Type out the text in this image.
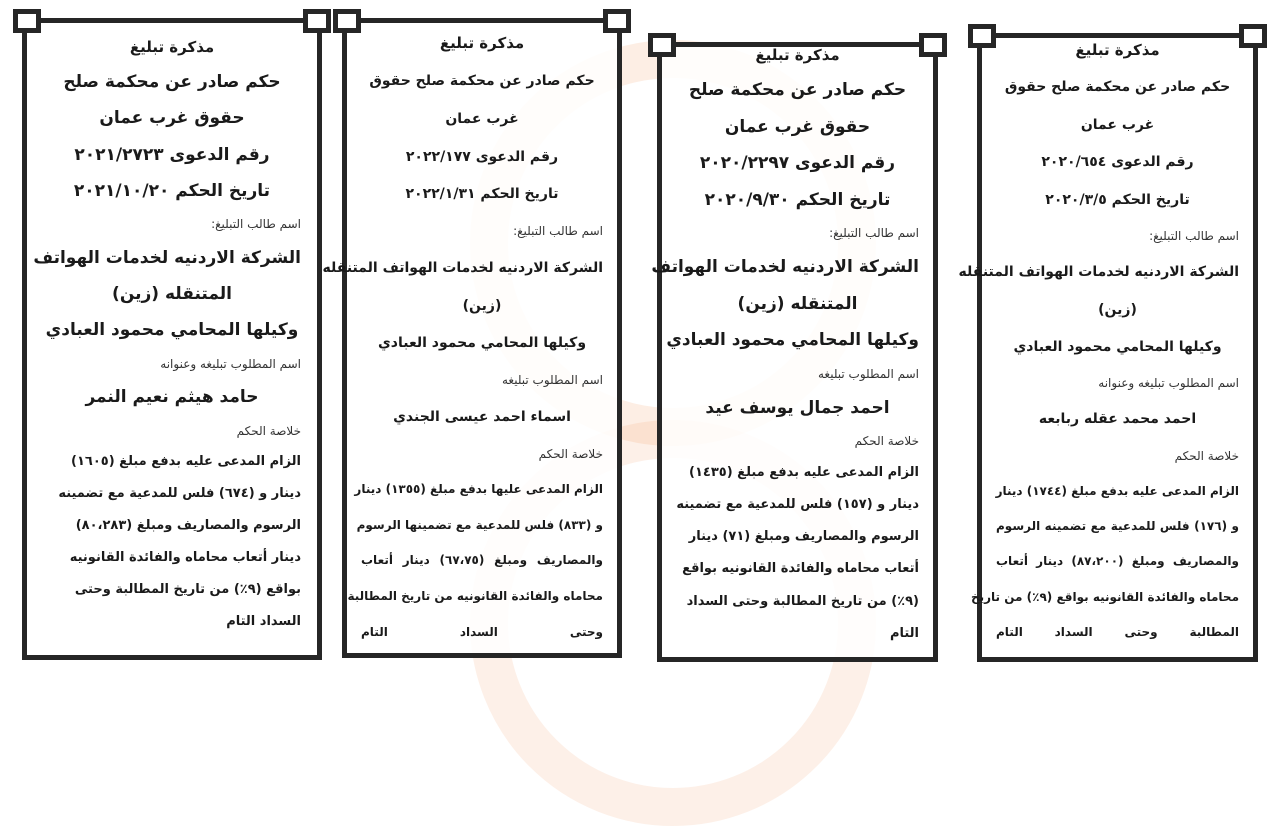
مذكرة تبليغ
حكم صادر عن محكمة صلح
حقوق غرب عمان
رقم الدعوى ٢٠٢١/٢٧٢٣
تاريخ الحكم ٢٠٢١/١٠/٢٠
اسم طالب التبليغ:
الشركة الاردنيه لخدمات الهواتف
المتنقله (زين)
وكيلها المحامي محمود العبادي
اسم المطلوب تبليغه وعنوانه
حامد هيثم نعيم النمر
خلاصة الحكم
الزام المدعى عليه بدفع مبلغ (١٦٠٥)
دينار و (٦٧٤) فلس للمدعية مع تضمينه
الرسوم والمصاريف ومبلغ (٨٠،٢٨٣)
دينار أتعاب محاماه والفائدة القانونيه
بواقع (٩٪) من تاريخ المطالبة وحتى
السداد التام
مذكرة تبليغ
حكم صادر عن محكمة صلح حقوق
غرب عمان
رقم الدعوى ٢٠٢٢/١٧٧
تاريخ الحكم ٢٠٢٢/١/٣١
اسم طالب التبليغ:
الشركة الاردنيه لخدمات الهواتف المتنقله
(زين)
وكيلها المحامي محمود العبادي
اسم المطلوب تبليغه
اسماء احمد عيسى الجندي
خلاصة الحكم
الزام المدعى عليها بدفع مبلغ (١٣٥٥) دينار
و (٨٣٣) فلس للمدعية مع تضمينها الرسوم
والمصاريف ومبلغ (٦٧،٧٥) دينار أتعاب
محاماه والفائدة القانونيه من تاريخ المطالبة
وحتى السداد التام
مذكرة تبليغ
حكم صادر عن محكمة صلح
حقوق غرب عمان
رقم الدعوى ٢٠٢٠/٢٢٩٧
تاريخ الحكم ٢٠٢٠/٩/٣٠
اسم طالب التبليغ:
الشركة الاردنيه لخدمات الهواتف
المتنقله (زين)
وكيلها المحامي محمود العبادي
اسم المطلوب تبليغه
احمد جمال يوسف عيد
خلاصة الحكم
الزام المدعى عليه بدفع مبلغ (١٤٣٥)
دينار و (١٥٧) فلس للمدعية مع تضمينه
الرسوم والمصاريف ومبلغ (٧١) دينار
أتعاب محاماه والفائدة القانونيه بواقع
(٩٪) من تاريخ المطالبة وحتى السداد
التام
مذكرة تبليغ
حكم صادر عن محكمة صلح حقوق
غرب عمان
رقم الدعوى ٢٠٢٠/٦٥٤
تاريخ الحكم ٢٠٢٠/٣/٥
اسم طالب التبليغ:
الشركة الاردنيه لخدمات الهواتف المتنقله
(زين)
وكيلها المحامي محمود العبادي
اسم المطلوب تبليغه وعنوانه
احمد محمد عقله ربابعه
خلاصة الحكم
الزام المدعى عليه بدفع مبلغ (١٧٤٤) دينار
و (١٧٦) فلس للمدعية مع تضمينه الرسوم
والمصاريف ومبلغ (٨٧،٢٠٠) دينار أتعاب
محاماه والفائدة القانونيه بواقع (٩٪) من تاريخ
المطالبة وحتى السداد التام
